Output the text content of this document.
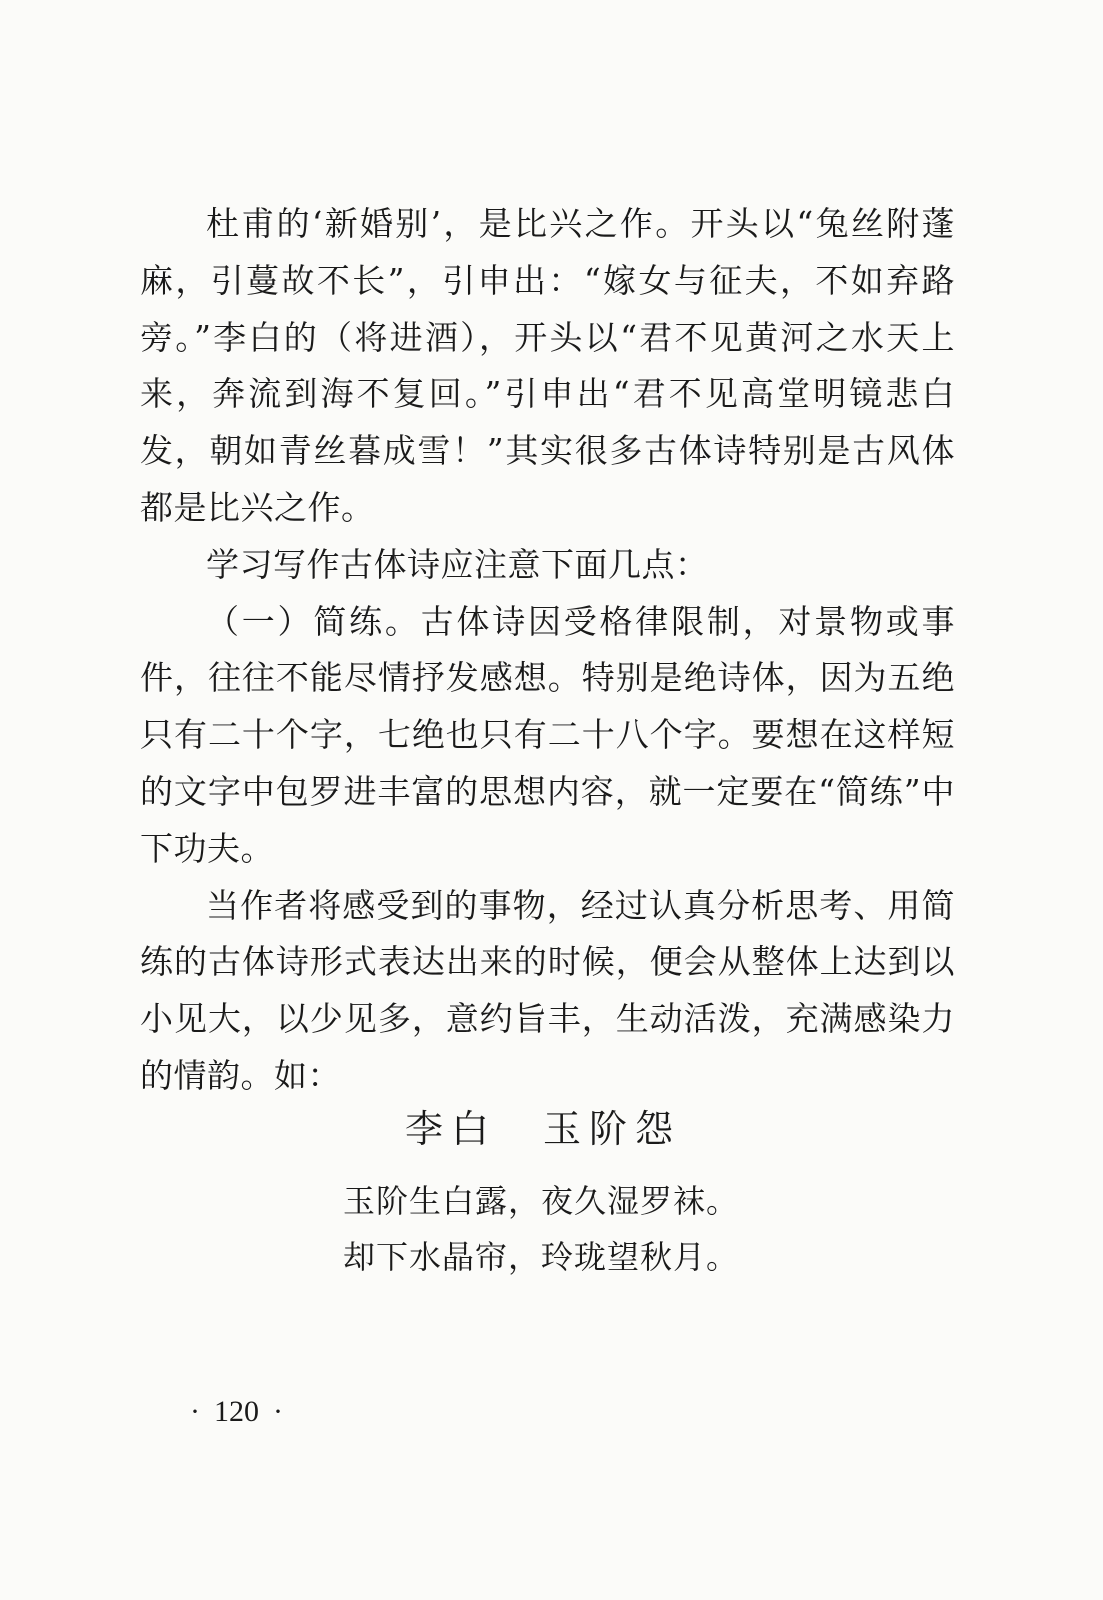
杜甫的‘新婚别’，是比兴之作。开头以“兔丝附蓬麻，引蔓故不长”，引申出：“嫁女与征夫，不如弃路旁。”李白的（将进酒），开头以“君不见黄河之水天上来，奔流到海不复回。”引申出“君不见高堂明镜悲白发，朝如青丝暮成雪！”其实很多古体诗特别是古风体都是比兴之作。

学习写作古体诗应注意下面几点：

（一）简练。古体诗因受格律限制，对景物或事件，往往不能尽情抒发感想。特别是绝诗体，因为五绝只有二十个字，七绝也只有二十八个字。要想在这样短的文字中包罗进丰富的思想内容，就一定要在“简练”中下功夫。

当作者将感受到的事物，经过认真分析思考、用简练的古体诗形式表达出来的时候，便会从整体上达到以小见大，以少见多，意约旨丰，生动活泼，充满感染力的情韵。如：

李白 玉阶怨
玉阶生白露，夜久湿罗袜。
却下水晶帘，玲珑望秋月。
· 120 ·
